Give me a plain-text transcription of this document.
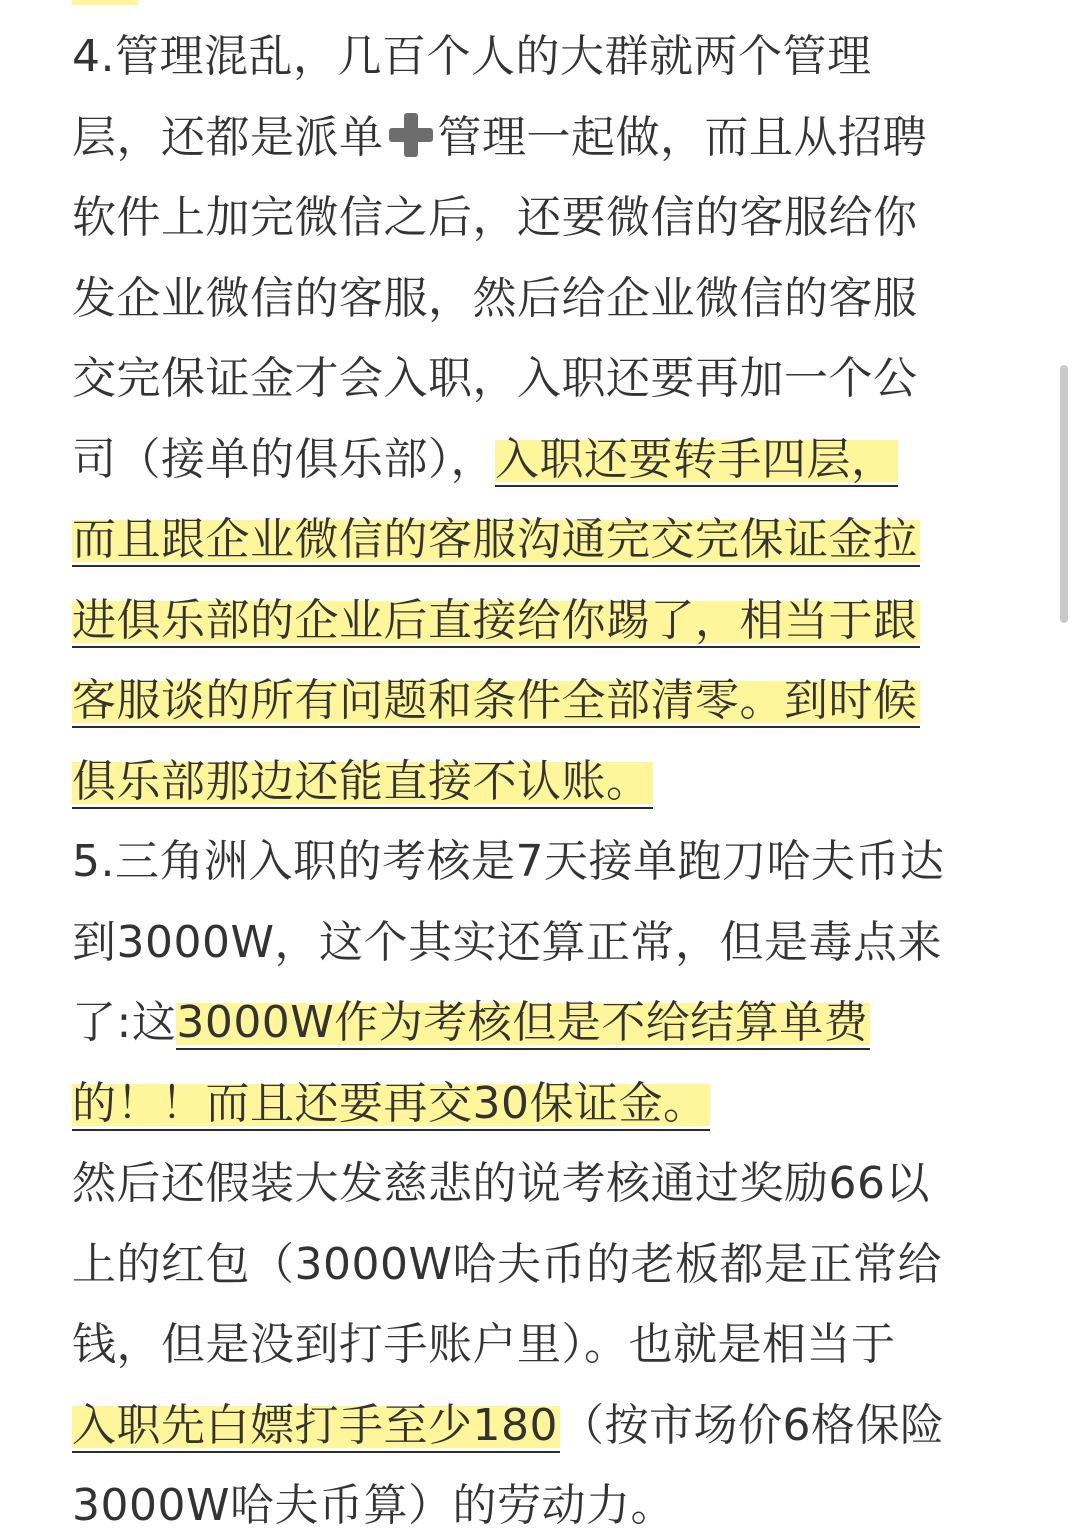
4.管理混乱，几百个人的大群就两个管理
层，还都是派单 管理一起做，而且从招聘
软件上加完微信之后，还要微信的客服给你
发企业微信的客服，然后给企业微信的客服
交完保证金才会入职，入职还要再加一个公
司（接单的俱乐部），入职还要转手四层，
而且跟企业微信的客服沟通完交完保证金拉
进俱乐部的企业后直接给你踢了，相当于跟
客服谈的所有问题和条件全部清零。到时候
俱乐部那边还能直接不认账。
5.三角洲入职的考核是7天接单跑刀哈夫币达
到3000W，这个其实还算正常，但是毒点来
了:这3000W作为考核但是不给结算单费
的！！而且还要再交30保证金。
然后还假装大发慈悲的说考核通过奖励66以
上的红包（3000W哈夫币的老板都是正常给
钱，但是没到打手账户里）。也就是相当于
入职先白嫖打手至少180（按市场价6格保险
3000W哈夫币算）的劳动力。
